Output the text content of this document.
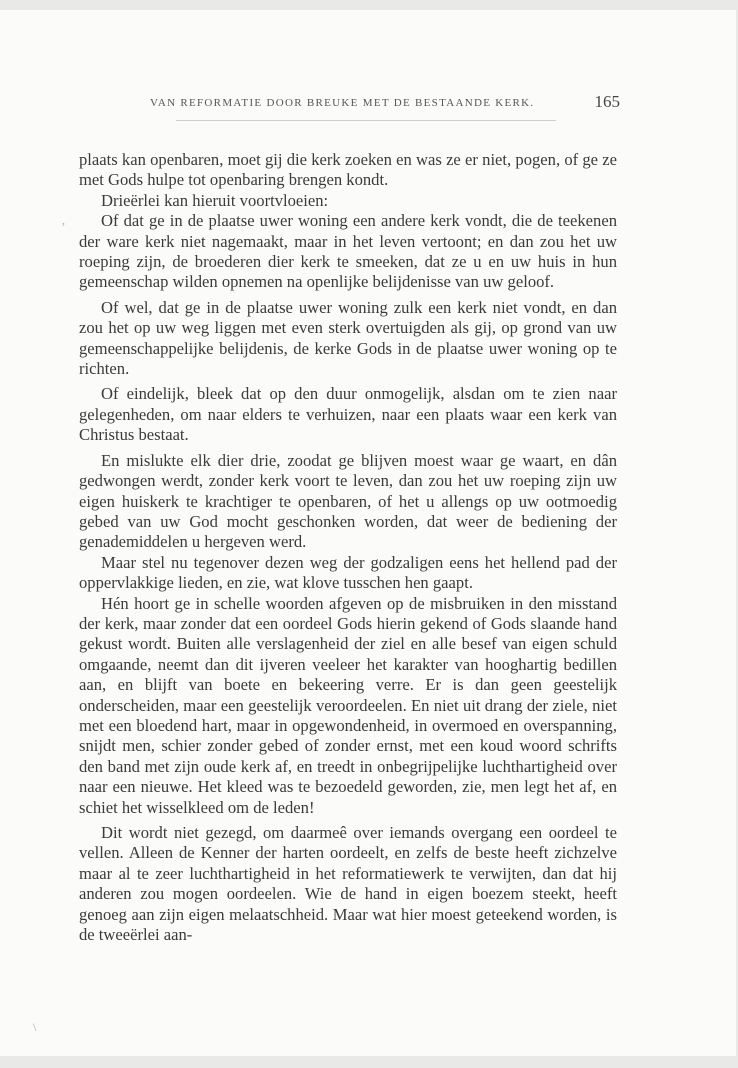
VAN REFORMATIE DOOR BREUKE MET DE BESTAANDE KERK.	165

plaats kan openbaren, moet gij die kerk zoeken en was ze er niet, pogen, of ge ze met Gods hulpe tot openbaring brengen kondt.

Drieërlei kan hieruit voortvloeien:

Of dat ge in de plaatse uwer woning een andere kerk vondt, die de teekenen der ware kerk niet nagemaakt, maar in het leven vertoont; en dan zou het uw roeping zijn, de broederen dier kerk te smeeken, dat ze u en uw huis in hun gemeenschap wilden opnemen na openlijke belijdenisse van uw geloof.

Of wel, dat ge in de plaatse uwer woning zulk een kerk niet vondt, en dan zou het op uw weg liggen met even sterk overtuigden als gij, op grond van uw gemeenschappelijke belijdenis, de kerke Gods in de plaatse uwer woning op te richten.

Of eindelijk, bleek dat op den duur onmogelijk, alsdan om te zien naar gelegenheden, om naar elders te verhuizen, naar een plaats waar een kerk van Christus bestaat.

En mislukte elk dier drie, zoodat ge blijven moest waar ge waart, en dân gedwongen werdt, zonder kerk voort te leven, dan zou het uw roeping zijn uw eigen huiskerk te krachtiger te openbaren, of het u allengs op uw ootmoedig gebed van uw God mocht geschonken worden, dat weer de bediening der genademiddelen u hergeven werd.

Maar stel nu tegenover dezen weg der godzaligen eens het hellend pad der oppervlakkige lieden, en zie, wat klove tusschen hen gaapt.

Hén hoort ge in schelle woorden afgeven op de misbruiken in den misstand der kerk, maar zonder dat een oordeel Gods hierin gekend of Gods slaande hand gekust wordt. Buiten alle verslagenheid der ziel en alle besef van eigen schuld omgaande, neemt dan dit ijveren veeleer het karakter van hooghartig bedillen aan, en blijft van boete en bekeering verre. Er is dan geen geestelijk onderscheiden, maar een geestelijk veroordeelen. En niet uit drang der ziele, niet met een bloedend hart, maar in opgewondenheid, in overmoed en overspanning, snijdt men, schier zonder gebed of zonder ernst, met een koud woord schrifts den band met zijn oude kerk af, en treedt in onbegrijpelijke luchthartigheid over naar een nieuwe. Het kleed was te bezoedeld geworden, zie, men legt het af, en schiet het wisselkleed om de leden!

Dit wordt niet gezegd, om daarmeê over iemands overgang een oordeel te vellen. Alleen de Kenner der harten oordeelt, en zelfs de beste heeft zichzelve maar al te zeer luchthartigheid in het reformatiewerk te verwijten, dan dat hij anderen zou mogen oordeelen. Wie de hand in eigen boezem steekt, heeft genoeg aan zijn eigen melaatschheid. Maar wat hier moest geteekend worden, is de tweeërlei aan-

,
\
